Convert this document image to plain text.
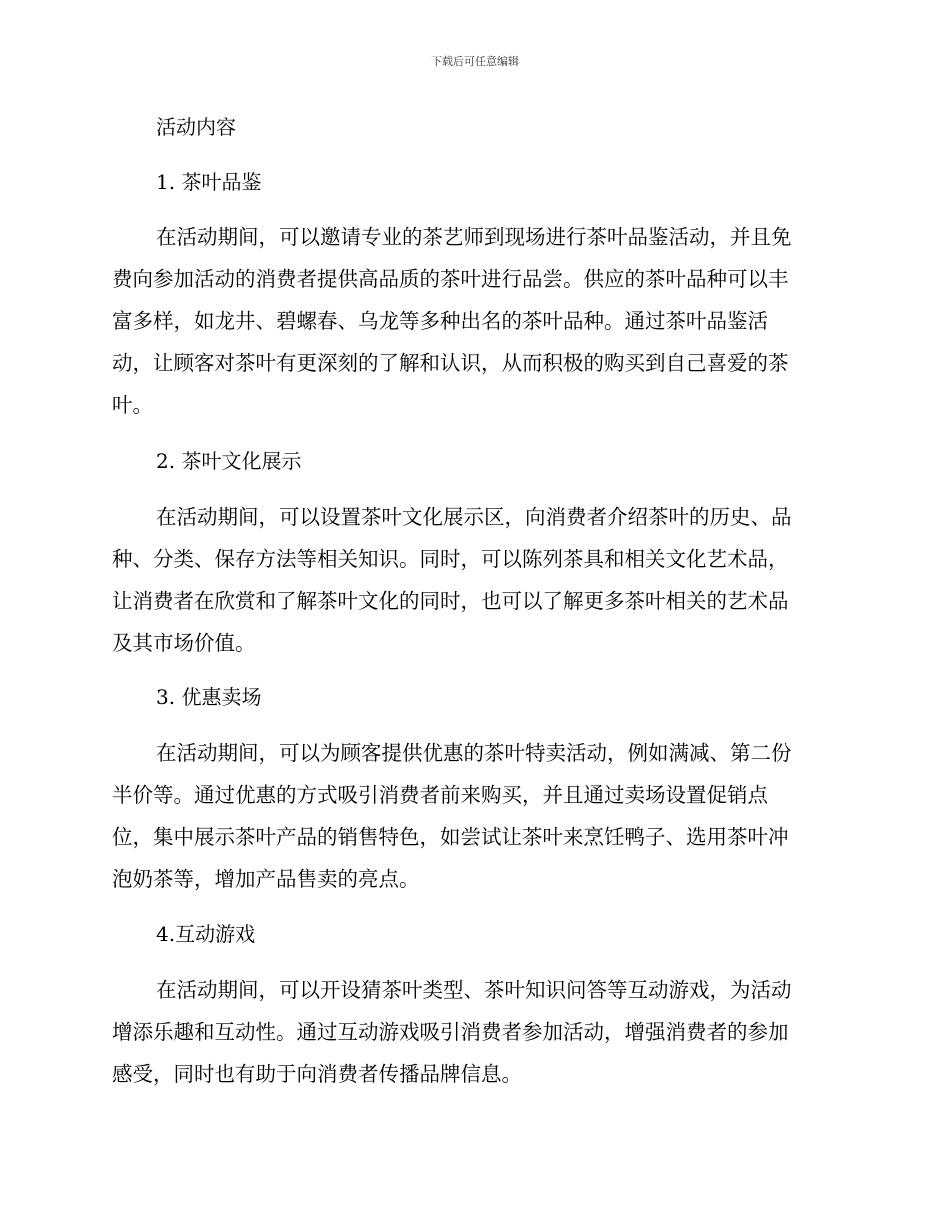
下载后可任意编辑
活动内容
1. 茶叶品鉴
在活动期间，可以邀请专业的茶艺师到现场进行茶叶品鉴活动，并且免
费向参加活动的消费者提供高品质的茶叶进行品尝。供应的茶叶品种可以丰
富多样，如龙井、碧螺春、乌龙等多种出名的茶叶品种。通过茶叶品鉴活
动，让顾客对茶叶有更深刻的了解和认识，从而积极的购买到自己喜爱的茶
叶。
2. 茶叶文化展示
在活动期间，可以设置茶叶文化展示区，向消费者介绍茶叶的历史、品
种、分类、保存方法等相关知识。同时，可以陈列茶具和相关文化艺术品，
让消费者在欣赏和了解茶叶文化的同时，也可以了解更多茶叶相关的艺术品
及其市场价值。
3. 优惠卖场
在活动期间，可以为顾客提供优惠的茶叶特卖活动，例如满减、第二份
半价等。通过优惠的方式吸引消费者前来购买，并且通过卖场设置促销点
位，集中展示茶叶产品的销售特色，如尝试让茶叶来烹饪鸭子、选用茶叶冲
泡奶茶等，增加产品售卖的亮点。
4.互动游戏
在活动期间，可以开设猜茶叶类型、茶叶知识问答等互动游戏，为活动
增添乐趣和互动性。通过互动游戏吸引消费者参加活动，增强消费者的参加
感受，同时也有助于向消费者传播品牌信息。
